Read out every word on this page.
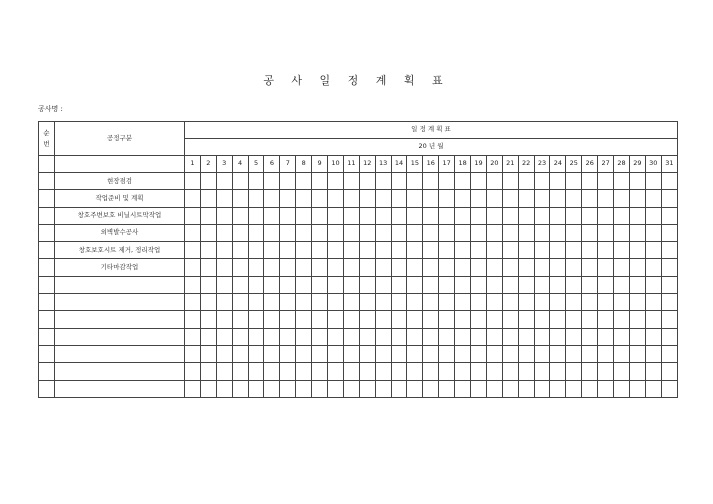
공 사 일 정 계 획 표
공사명 :
순
번	공정구분	일 정 계 획 표																														
		20 년 월																														
		1	2	3	4	5	6	7	8	9	10	11	12	13	14	15	16	17	18	19	20	21	22	23	24	25	26	27	28	29	30	31
	현장점검																															
	작업준비 및 계획																															
	창호주변보호 비닐시트막작업																															
	외벽발수공사																															
	창호보호시트 제거, 정리작업																															
	기타마감작업																															
